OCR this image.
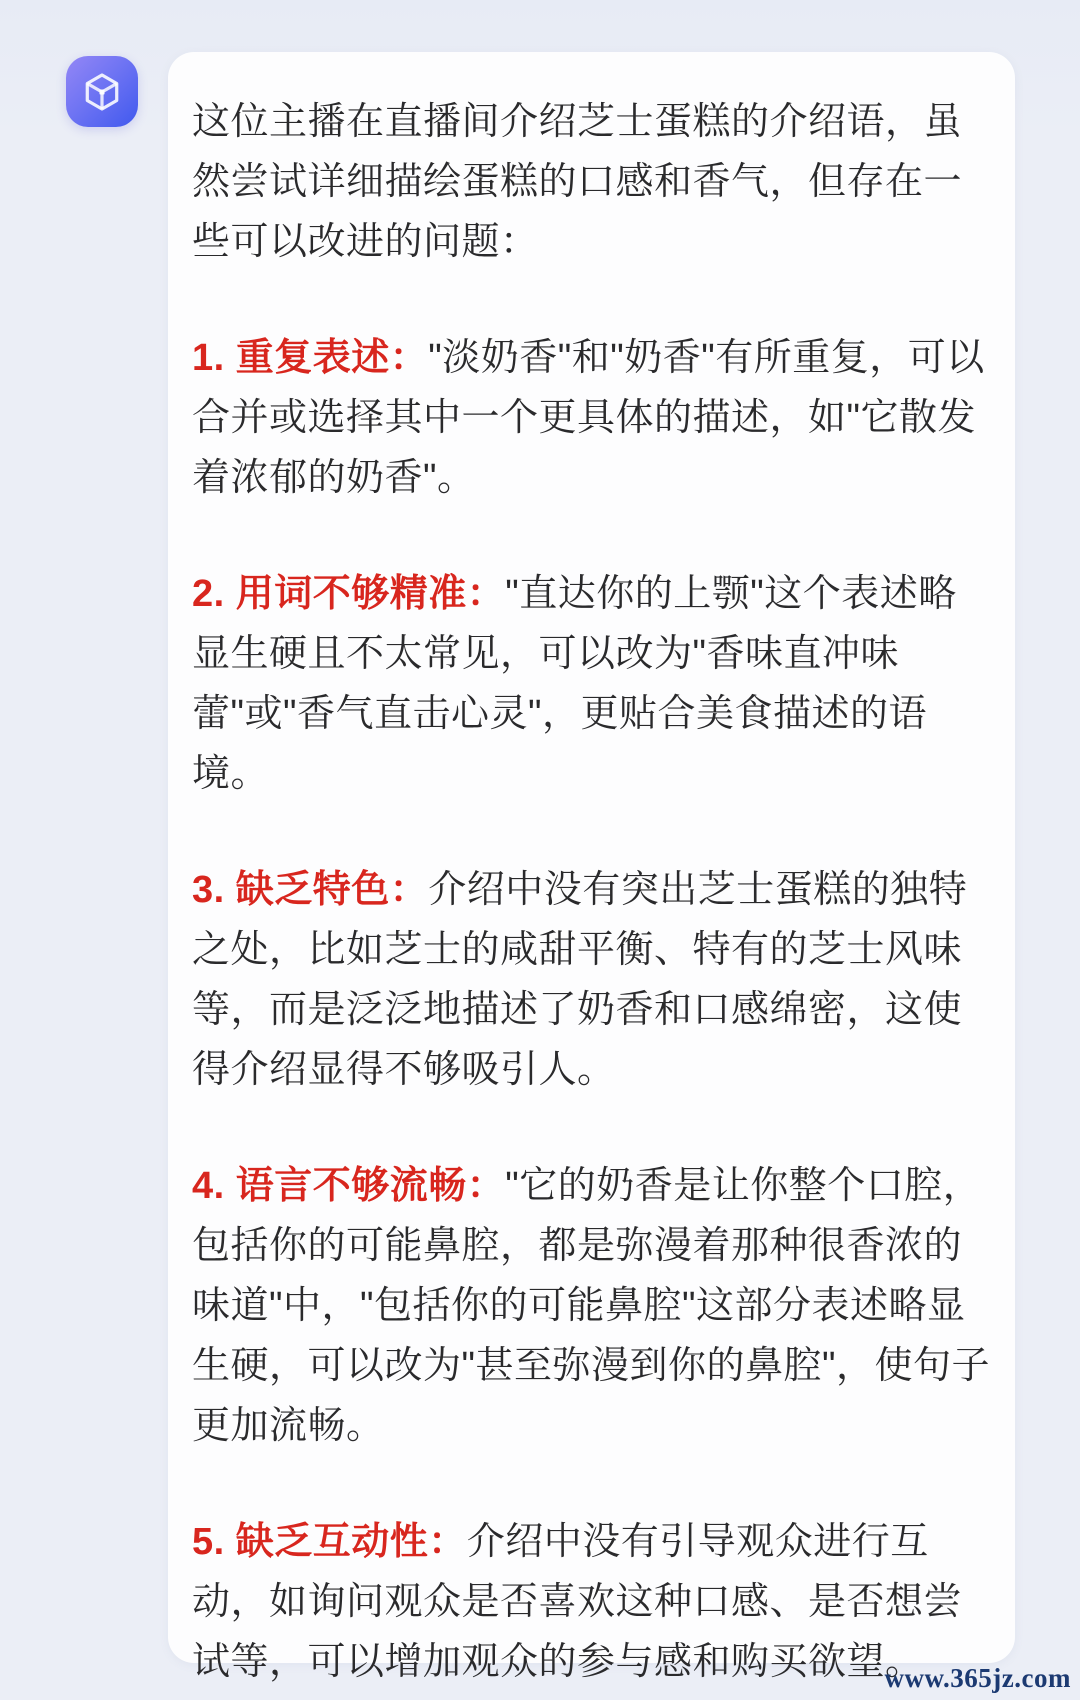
这位主播在直播间介绍芝士蛋糕的介绍语，虽然尝试详细描绘蛋糕的口感和香气，但存在一些可以改进的问题：

1. 重复表述："淡奶香"和"奶香"有所重复，可以合并或选择其中一个更具体的描述，如"它散发着浓郁的奶香"。

2. 用词不够精准："直达你的上颚"这个表述略显生硬且不太常见，可以改为"香味直冲味蕾"或"香气直击心灵"，更贴合美食描述的语境。

3. 缺乏特色：介绍中没有突出芝士蛋糕的独特之处，比如芝士的咸甜平衡、特有的芝士风味等，而是泛泛地描述了奶香和口感绵密，这使得介绍显得不够吸引人。

4. 语言不够流畅："它的奶香是让你整个口腔，包括你的可能鼻腔，都是弥漫着那种很香浓的味道"中，"包括你的可能鼻腔"这部分表述略显生硬，可以改为"甚至弥漫到你的鼻腔"，使句子更加流畅。

5. 缺乏互动性：介绍中没有引导观众进行互动，如询问观众是否喜欢这种口感、是否想尝试等，可以增加观众的参与感和购买欲望。

www.365jz.com
